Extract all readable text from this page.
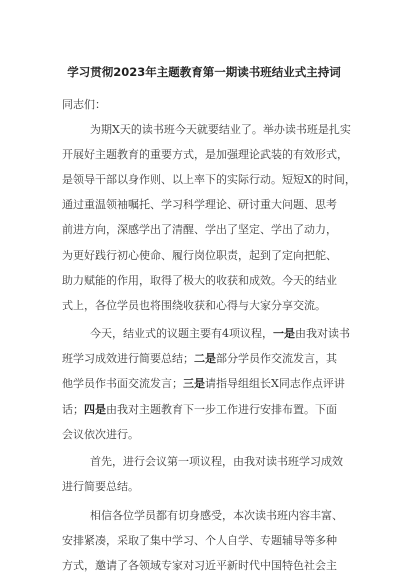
学习贯彻2023年主题教育第一期读书班结业式主持词
同志们：
为期X天的读书班今天就要结业了。举办读书班是扎实
开展好主题教育的重要方式，是加强理论武装的有效形式，
是领导干部以身作则、以上率下的实际行动。短短X的时间，
通过重温领袖嘱托、学习科学理论、研讨重大问题、思考
前进方向，深感学出了清醒、学出了坚定、学出了动力，
为更好践行初心使命、履行岗位职责，起到了定向把舵、
助力赋能的作用，取得了极大的收获和成效。今天的结业
式上，各位学员也将围绕收获和心得与大家分享交流。
今天，结业式的议题主要有4项议程，一是由我对读书
班学习成效进行简要总结；二是部分学员作交流发言，其
他学员作书面交流发言；三是请指导组组长X同志作点评讲
话；四是由我对主题教育下一步工作进行安排布置。下面
会议依次进行。
首先，进行会议第一项议程，由我对读书班学习成效
进行简要总结。
相信各位学员都有切身感受，本次读书班内容丰富、
安排紧凑，采取了集中学习、个人自学、专题辅导等多种
方式，邀请了各领域专家对习近平新时代中国特色社会主
